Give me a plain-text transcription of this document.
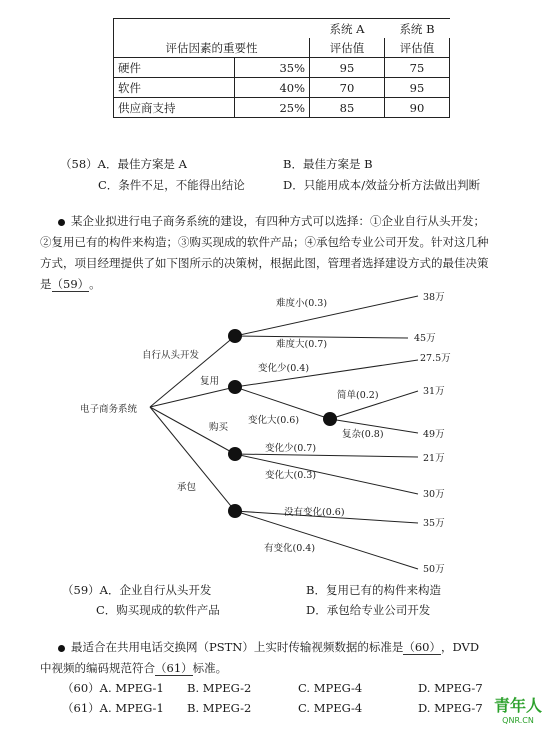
		系统 A	系统 B
评估因素的重要性		评估值	评估值
硬件	35%	95	75
软件	40%	70	95
供应商支持	25%	85	90
（58）A．最佳方案是 A	B．最佳方案是 B
C．条件不足，不能得出结论	D．只能用成本/效益分析方法做出判断
某企业拟进行电子商务系统的建设，有四种方式可以选择：①企业自行从头开发；
②复用已有的构件来构造；③购买现成的软件产品；④承包给专业公司开发。针对这几种
方式，项目经理提供了如下图所示的决策树，根据此图，管理者选择建设方式的最佳决策
是（59）。
电子商务系统
自行从头开发
复用
购买
承包
难度小(0.3)
难度大(0.7)
变化少(0.4)
变化大(0.6)
简单(0.2)
复杂(0.8)
变化少(0.7)
变化大(0.3)
没有变化(0.6)
有变化(0.4)
38万
45万
27.5万
31万
49万
21万
30万
35万
50万
（59）A．企业自行从头开发	B．复用已有的构件来构造
C．购买现成的软件产品	D．承包给专业公司开发
最适合在共用电话交换网（PSTN）上实时传输视频数据的标准是（60），DVD
中视频的编码规范符合（61）标准。
（60）A. MPEG-1 B. MPEG-2	C. MPEG-4	D. MPEG-7
（61）A. MPEG-1 B. MPEG-2	C. MPEG-4	D. MPEG-7 青年人
QNR.CN
